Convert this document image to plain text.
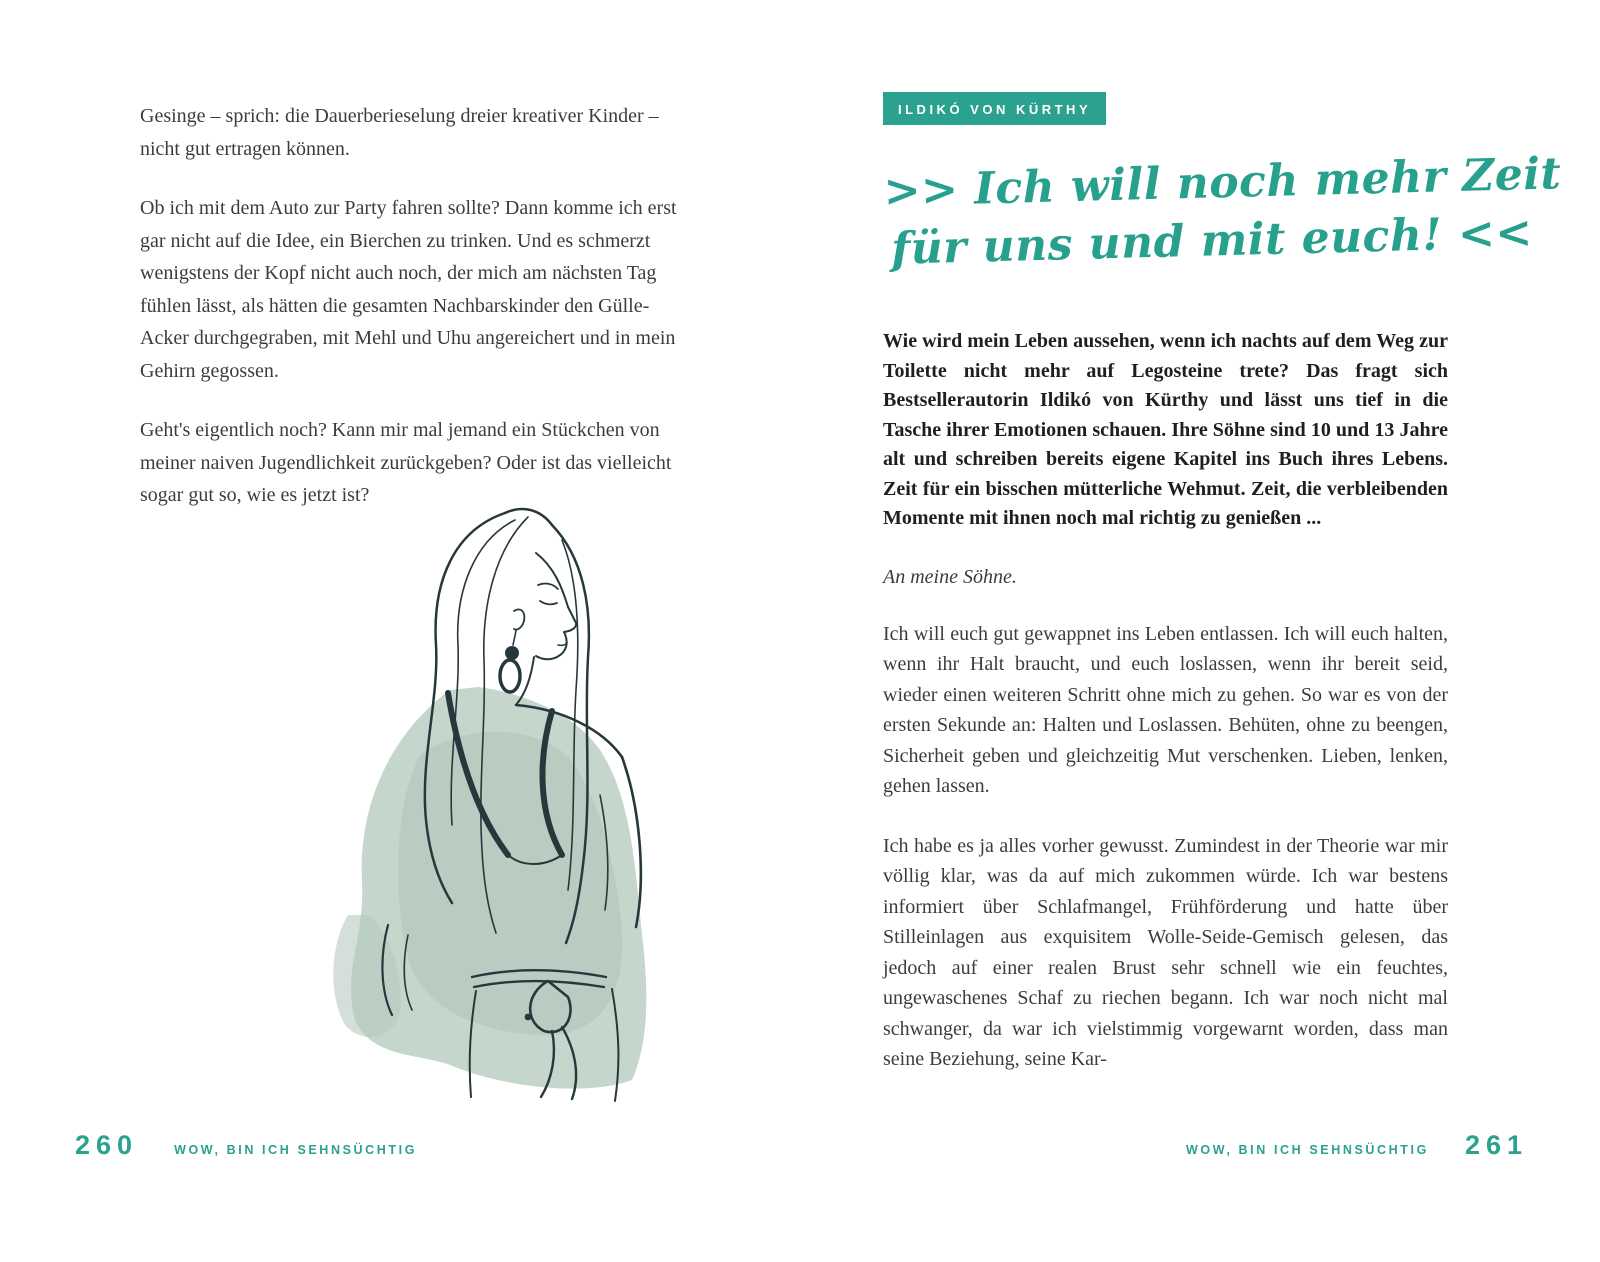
Gesinge – sprich: die Dauerberieselung dreier kreativer Kinder – nicht gut ertragen können.

Ob ich mit dem Auto zur Party fahren sollte? Dann komme ich erst gar nicht auf die Idee, ein Bierchen zu trinken. Und es schmerzt wenigstens der Kopf nicht auch noch, der mich am nächsten Tag fühlen lässt, als hätten die gesamten Nachbarskinder den Gülle-Acker durchgegraben, mit Mehl und Uhu angereichert und in mein Gehirn gegossen.

Geht's eigentlich noch? Kann mir mal jemand ein Stückchen von meiner naiven Jugendlichkeit zurückgeben? Oder ist das vielleicht sogar gut so, wie es jetzt ist?

260	WOW, BIN ICH SEHNSÜCHTIG
ILDIKÓ VON KÜRTHY
>> Ich will noch mehr Zeit
für uns und mit euch! <<

Wie wird mein Leben aussehen, wenn ich nachts auf dem Weg zur Toilette nicht mehr auf Legosteine trete? Das fragt sich Bestsellerautorin Ildikó von Kürthy und lässt uns tief in die Tasche ihrer Emotionen schauen. Ihre Söhne sind 10 und 13 Jahre alt und schreiben bereits eigene Kapitel ins Buch ihres Lebens. Zeit für ein bisschen mütterliche Wehmut. Zeit, die verbleibenden Momente mit ihnen noch mal richtig zu genießen ...

An meine Söhne.

Ich will euch gut gewappnet ins Leben entlassen. Ich will euch halten, wenn ihr Halt braucht, und euch loslassen, wenn ihr bereit seid, wieder einen weiteren Schritt ohne mich zu gehen. So war es von der ersten Sekunde an: Halten und Loslassen. Behüten, ohne zu beengen, Sicherheit geben und gleichzeitig Mut verschenken. Lieben, lenken, gehen lassen.

Ich habe es ja alles vorher gewusst. Zumindest in der Theorie war mir völlig klar, was da auf mich zukommen würde. Ich war bestens informiert über Schlafmangel, Frühförderung und hatte über Stilleinlagen aus exquisitem Wolle-Seide-Gemisch gelesen, das jedoch auf einer realen Brust sehr schnell wie ein feuchtes, ungewaschenes Schaf zu riechen begann. Ich war noch nicht mal schwanger, da war ich vielstimmig vorgewarnt worden, dass man seine Beziehung, seine Kar-

WOW, BIN ICH SEHNSÜCHTIG 261
